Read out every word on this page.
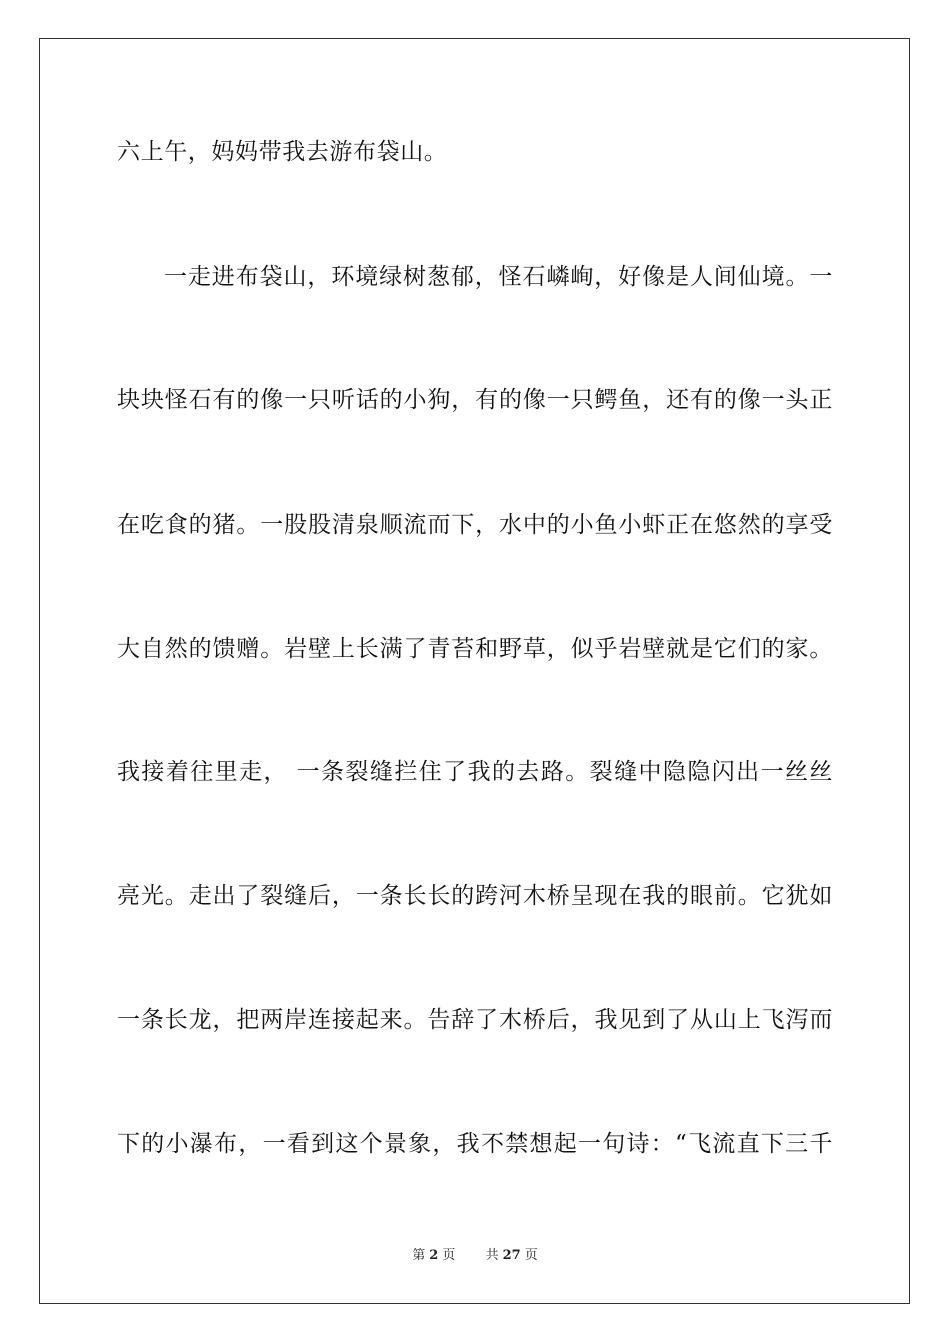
六上午，妈妈带我去游布袋山。
一走进布袋山，环境绿树葱郁，怪石嶙峋，好像是人间仙境。一
块块怪石有的像一只听话的小狗，有的像一只鳄鱼，还有的像一头正
在吃食的猪。一股股清泉顺流而下，水中的小鱼小虾正在悠然的享受
大自然的馈赠。岩壁上长满了青苔和野草，似乎岩壁就是它们的家。
我接着往里走， 一条裂缝拦住了我的去路。裂缝中隐隐闪出一丝丝
亮光。走出了裂缝后，一条长长的跨河木桥呈现在我的眼前。它犹如
一条长龙，把两岸连接起来。告辞了木桥后，我见到了从山上飞泻而
下的小瀑布，一看到这个景象，我不禁想起一句诗：“飞流直下三千
第 2 页 共 27 页
